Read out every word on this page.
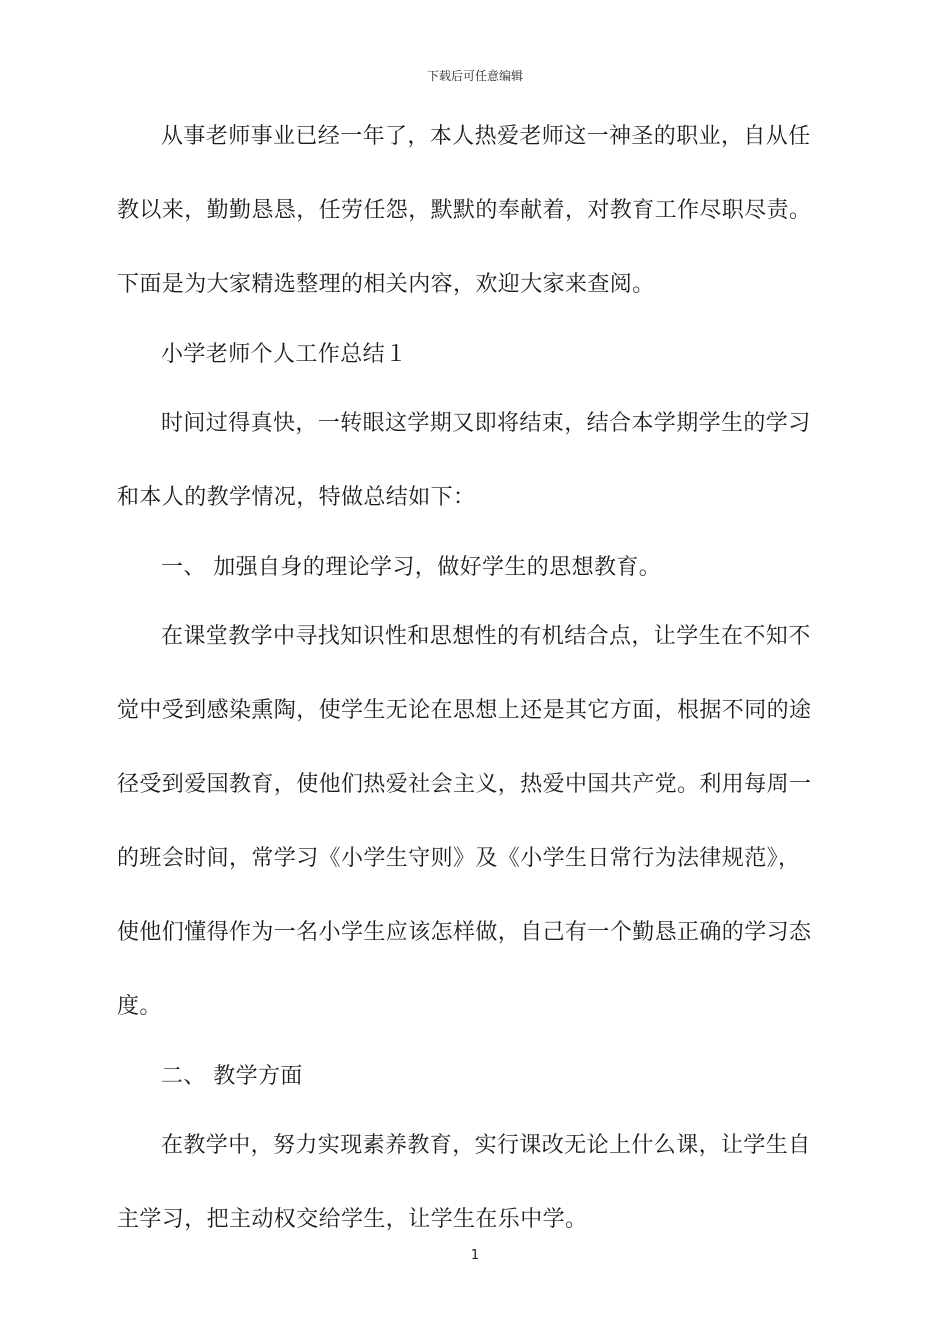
下载后可任意编辑

从事老师事业已经一年了，本人热爱老师这一神圣的职业，自从任教以来，勤勤恳恳，任劳任怨，默默的奉献着，对教育工作尽职尽责。下面是为大家精选整理的相关内容，欢迎大家来查阅。

小学老师个人工作总结１

时间过得真快，一转眼这学期又即将结束，结合本学期学生的学习和本人的教学情况，特做总结如下：

一、 加强自身的理论学习，做好学生的思想教育。

在课堂教学中寻找知识性和思想性的有机结合点，让学生在不知不觉中受到感染熏陶，使学生无论在思想上还是其它方面，根据不同的途径受到爱国教育，使他们热爱社会主义，热爱中国共产党。利用每周一的班会时间，常学习《小学生守则》及《小学生日常行为法律规范》，使他们懂得作为一名小学生应该怎样做，自己有一个勤恳正确的学习态度。

二、 教学方面

在教学中，努力实现素养教育，实行课改无论上什么课，让学生自主学习，把主动权交给学生，让学生在乐中学。

1
